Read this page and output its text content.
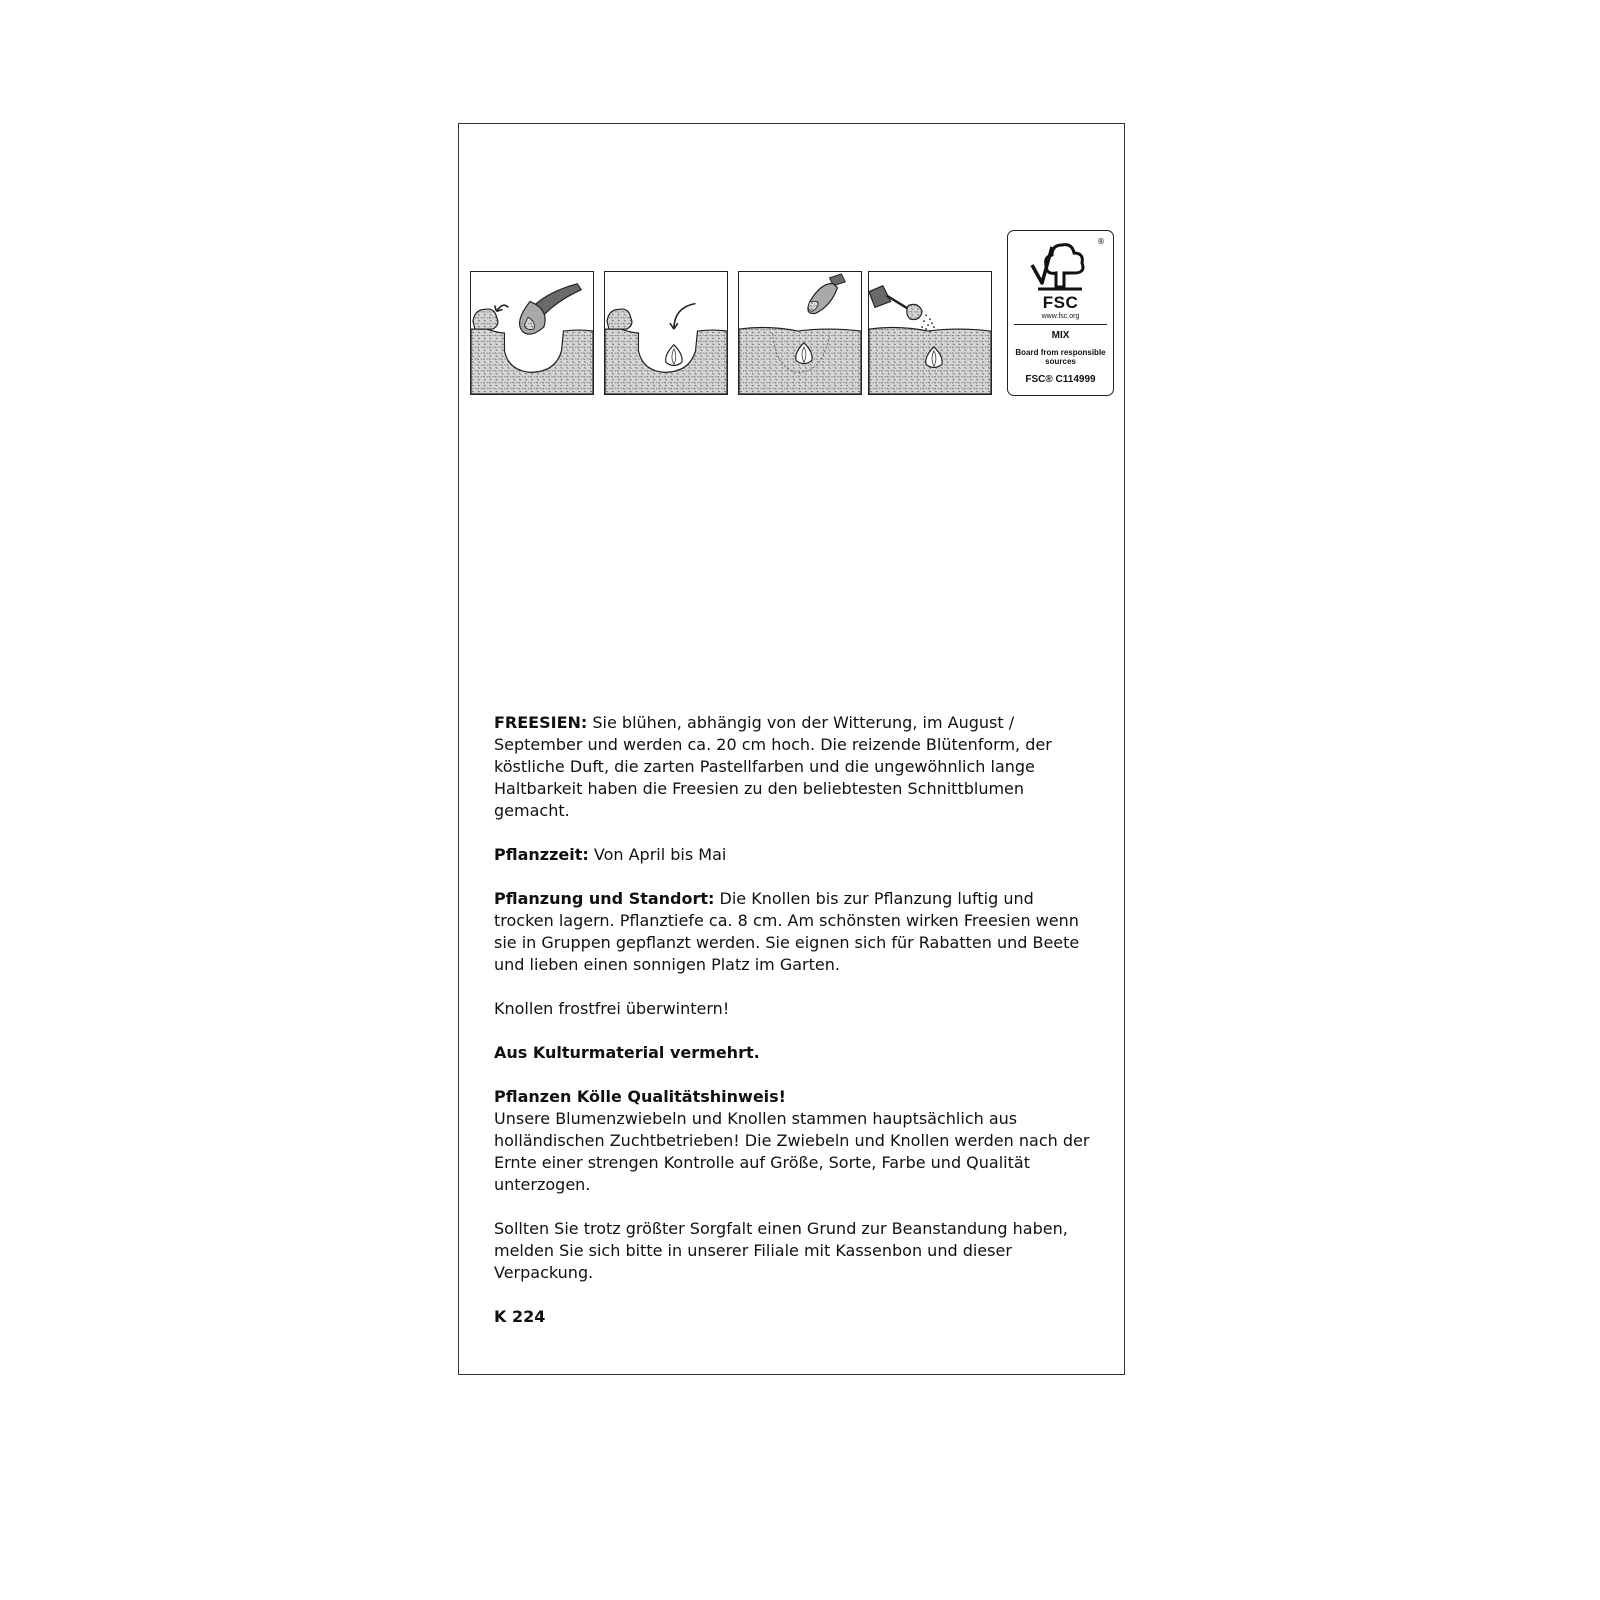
®
FSC
www.fsc.org
MIX
Board from responsible sources
FSC® C114999

FREESIEN: Sie blühen, abhängig von der Witterung, im August / September und werden ca. 20 cm hoch. Die reizende Blütenform, der köstliche Duft, die zarten Pastellfarben und die ungewöhnlich lange Haltbarkeit haben die Freesien zu den beliebtesten Schnittblumen gemacht.

Pflanzzeit: Von April bis Mai

Pflanzung und Standort: Die Knollen bis zur Pflanzung luftig und trocken lagern. Pflanztiefe ca. 8 cm. Am schönsten wirken Freesien wenn sie in Gruppen gepflanzt werden. Sie eignen sich für Rabatten und Beete und lieben einen sonnigen Platz im Garten.

Knollen frostfrei überwintern!

Aus Kulturmaterial vermehrt.

Pflanzen Kölle Qualitätshinweis!
Unsere Blumenzwiebeln und Knollen stammen hauptsächlich aus holländischen Zuchtbetrieben! Die Zwiebeln und Knollen werden nach der Ernte einer strengen Kontrolle auf Größe, Sorte, Farbe und Qualität unterzogen.

Sollten Sie trotz größter Sorgfalt einen Grund zur Beanstandung haben, melden Sie sich bitte in unserer Filiale mit Kassenbon und dieser Verpackung.

K 224
